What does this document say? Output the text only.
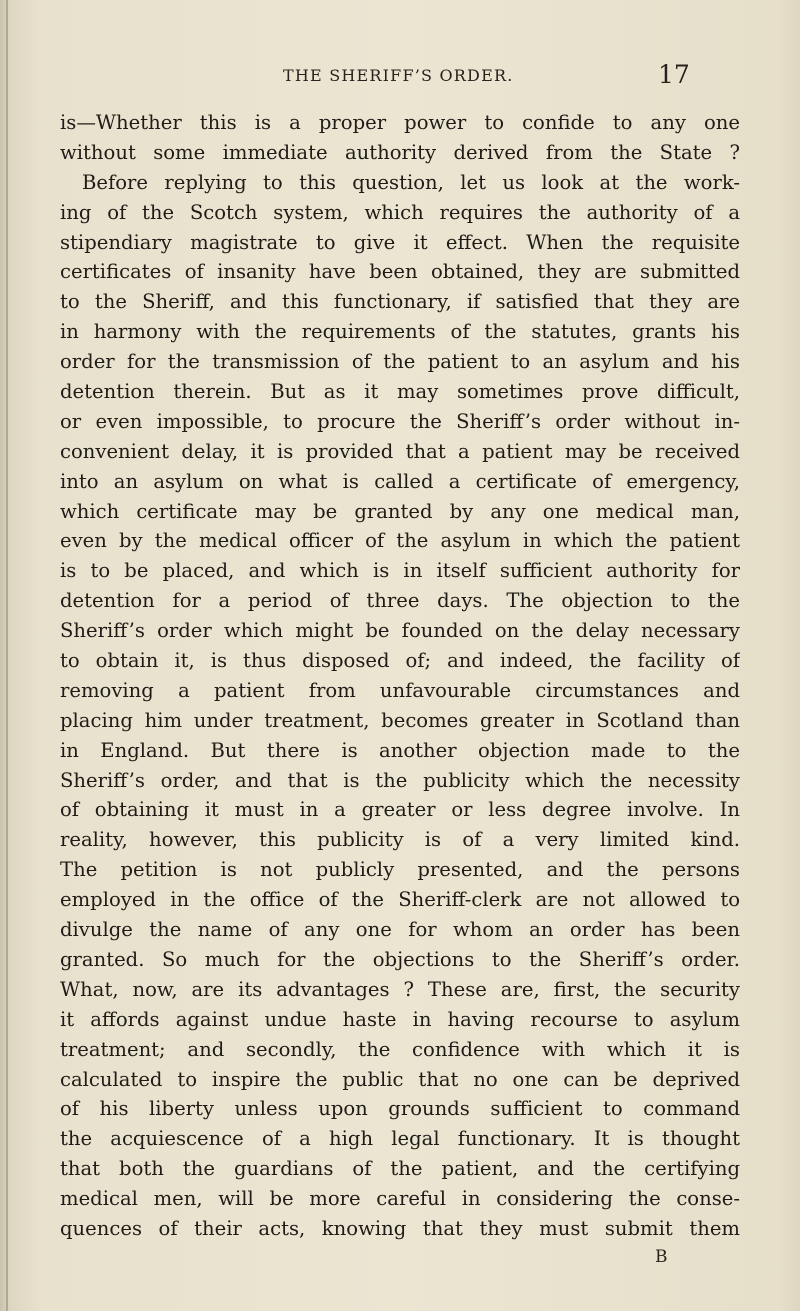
THE SHERIFF’S ORDER.	17
is—Whether this is a proper power to confide to any one
without some immediate authority derived from the State ?
Before replying to this question, let us look at the work-
ing of the Scotch system, which requires the authority of a
stipendiary magistrate to give it effect. When the requisite
certificates of insanity have been obtained, they are submitted
to the Sheriff, and this functionary, if satisfied that they are
in harmony with the requirements of the statutes, grants his
order for the transmission of the patient to an asylum and his
detention therein. But as it may sometimes prove difficult,
or even impossible, to procure the Sheriff’s order without in-
convenient delay, it is provided that a patient may be received
into an asylum on what is called a certificate of emergency,
which certificate may be granted by any one medical man,
even by the medical officer of the asylum in which the patient
is to be placed, and which is in itself sufficient authority for
detention for a period of three days. The objection to the
Sheriff’s order which might be founded on the delay necessary
to obtain it, is thus disposed of; and indeed, the facility of
removing a patient from unfavourable circumstances and
placing him under treatment, becomes greater in Scotland than
in England. But there is another objection made to the
Sheriff’s order, and that is the publicity which the necessity
of obtaining it must in a greater or less degree involve. In
reality, however, this publicity is of a very limited kind.
The petition is not publicly presented, and the persons
employed in the office of the Sheriff-clerk are not allowed to
divulge the name of any one for whom an order has been
granted. So much for the objections to the Sheriff’s order.
What, now, are its advantages ? These are, first, the security
it affords against undue haste in having recourse to asylum
treatment; and secondly, the confidence with which it is
calculated to inspire the public that no one can be deprived
of his liberty unless upon grounds sufficient to command
the acquiescence of a high legal functionary. It is thought
that both the guardians of the patient, and the certifying
medical men, will be more careful in considering the conse-
quences of their acts, knowing that they must submit them
B
